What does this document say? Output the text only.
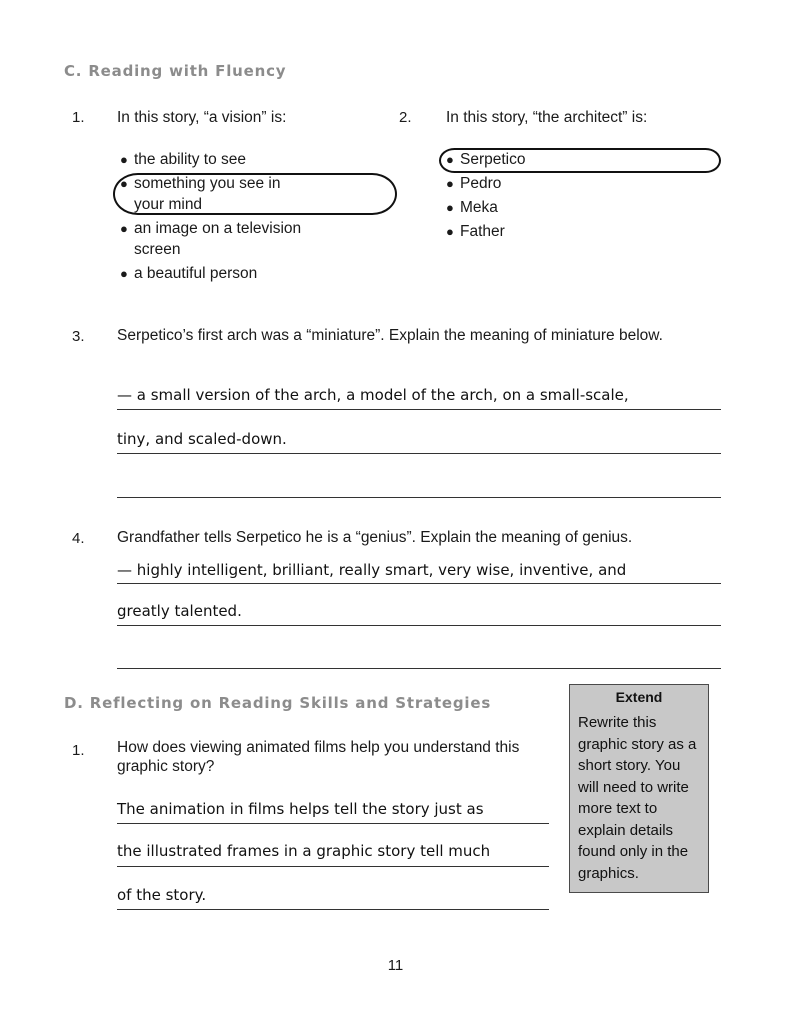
C. Reading with Fluency
1. In this story, “a vision” is:
● the ability to see
● something you see in your mind
● an image on a television screen
● a beautiful person
2. In this story, “the architect” is:
● Serpetico
● Pedro
● Meka
● Father
3. Serpetico’s first arch was a “miniature”. Explain the meaning of miniature below.
— a small version of the arch, a model of the arch, on a small-scale,
tiny, and scaled-down.
4. Grandfather tells Serpetico he is a “genius”. Explain the meaning of genius.
— highly intelligent, brilliant, really smart, very wise, inventive, and
greatly talented.
D. Reflecting on Reading Skills and Strategies
1. How does viewing animated films help you understand this graphic story?
The animation in films helps tell the story just as
the illustrated frames in a graphic story tell much
of the story.
Extend
Rewrite this graphic story as a short story. You will need to write more text to explain details found only in the graphics.
11
